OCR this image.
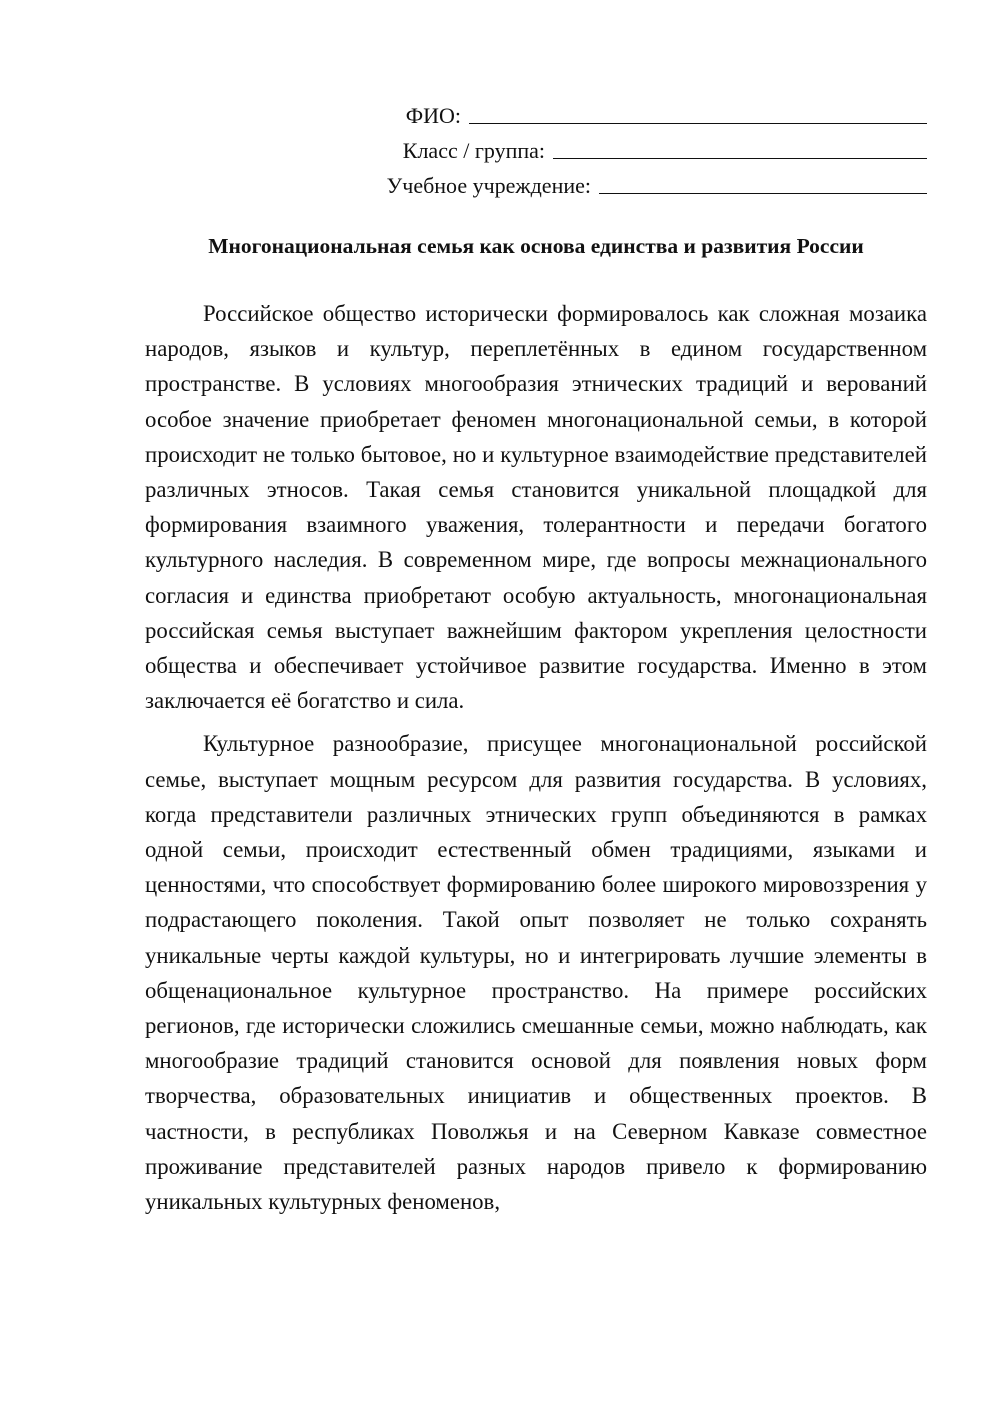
ФИО:
Класс / группа:
Учебное учреждение:
Многонациональная семья как основа единства и развития России

Российское общество исторически формировалось как сложная мозаика народов, языков и культур, переплетённых в едином государственном пространстве. В условиях многообразия этнических традиций и верований особое значение приобретает феномен многонациональной семьи, в которой происходит не только бытовое, но и культурное взаимодействие представителей различных этносов. Такая семья становится уникальной площадкой для формирования взаимного уважения, толерантности и передачи богатого культурного наследия. В современном мире, где вопросы межнационального согласия и единства приобретают особую актуальность, многонациональная российская семья выступает важнейшим фактором укрепления целостности общества и обеспечивает устойчивое развитие государства. Именно в этом заключается её богатство и сила.

Культурное разнообразие, присущее многонациональной российской семье, выступает мощным ресурсом для развития государства. В условиях, когда представители различных этнических групп объединяются в рамках одной семьи, происходит естественный обмен традициями, языками и ценностями, что способствует формированию более широкого мировоззрения у подрастающего поколения. Такой опыт позволяет не только сохранять уникальные черты каждой культуры, но и интегрировать лучшие элементы в общенациональное культурное пространство. На примере российских регионов, где исторически сложились смешанные семьи, можно наблюдать, как многообразие традиций становится основой для появления новых форм творчества, образовательных инициатив и общественных проектов. В частности, в республиках Поволжья и на Северном Кавказе совместное проживание представителей разных народов привело к формированию уникальных культурных феноменов,
